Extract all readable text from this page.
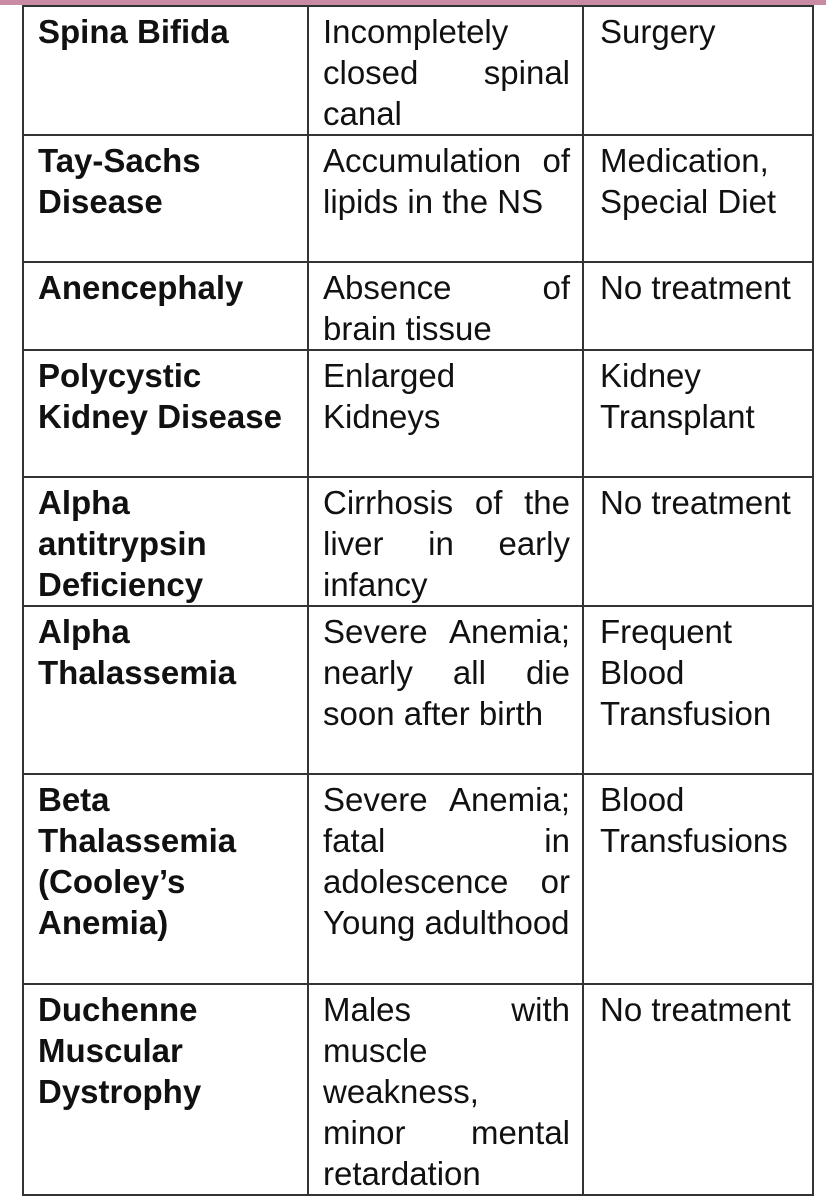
Spina Bifida	Incompletely closed spinal canal	Surgery
Tay-Sachs Disease	Accumulation of lipids in the NS	Medication, Special Diet
Anencephaly	Absence of brain tissue	No treatment
Polycystic Kidney Disease	Enlarged Kidneys	Kidney Transplant
Alpha antitrypsin Deficiency	Cirrhosis of the liver in early infancy	No treatment
Alpha Thalassemia	Severe Anemia; nearly all die soon after birth	Frequent Blood Transfusion
Beta Thalassemia (Cooley’s Anemia)	Severe Anemia; fatal in adolescence or Young adulthood	Blood Transfusions
Duchenne Muscular Dystrophy	Males with muscle weakness, minor mental retardation	No treatment
